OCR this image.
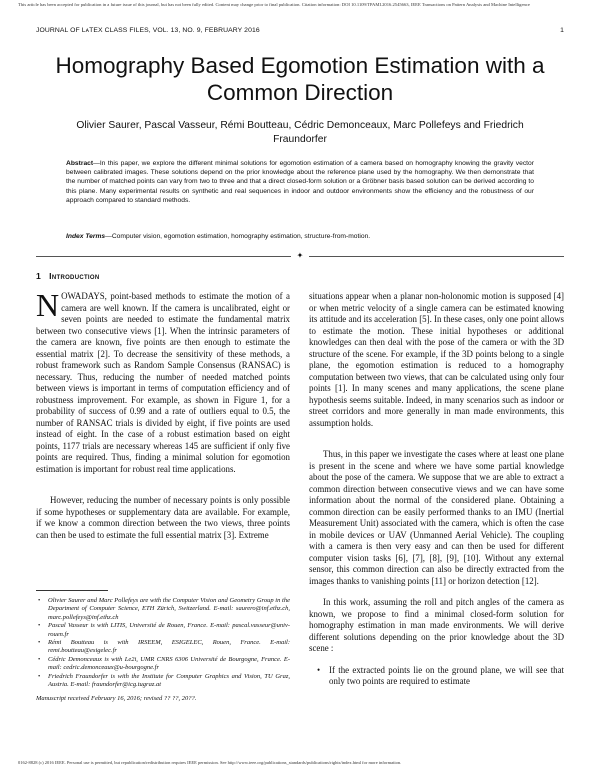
This article has been accepted for publication in a future issue of this journal, but has not been fully edited. Content may change prior to final publication. Citation information: DOI 10.1109/TPAMI.2016.2545663, IEEE Transactions on Pattern Analysis and Machine Intelligence
JOURNAL OF LᴀTEX CLASS FILES, VOL. 13, NO. 9, FEBRUARY 2016	1
Homography Based Egomotion Estimation with a Common Direction
Olivier Saurer, Pascal Vasseur, Rémi Boutteau, Cédric Demonceaux, Marc Pollefeys and Friedrich Fraundorfer
Abstract—In this paper, we explore the different minimal solutions for egomotion estimation of a camera based on homography knowing the gravity vector between calibrated images. These solutions depend on the prior knowledge about the reference plane used by the homography. We then demonstrate that the number of matched points can vary from two to three and that a direct closed-form solution or a Gröbner basis based solution can be derived according to this plane. Many experimental results on synthetic and real sequences in indoor and outdoor environments show the efficiency and the robustness of our approach compared to standard methods.
Index Terms—Computer vision, egomotion estimation, homography estimation, structure-from-motion.
✦
1 Introduction

NOWADAYS, point-based methods to estimate the motion of a camera are well known. If the camera is uncalibrated, eight or seven points are needed to estimate the fundamental matrix between two consecutive views [1]. When the intrinsic parameters of the camera are known, five points are then enough to estimate the essential matrix [2]. To decrease the sensitivity of these methods, a robust framework such as Random Sample Consensus (RANSAC) is necessary. Thus, reducing the number of needed matched points between views is important in terms of computation efficiency and of robustness improvement. For example, as shown in Figure 1, for a probability of success of 0.99 and a rate of outliers equal to 0.5, the number of RANSAC trials is divided by eight, if five points are used instead of eight. In the case of a robust estimation based on eight points, 1177 trials are necessary whereas 145 are sufficient if only five points are required. Thus, finding a minimal solution for egomotion estimation is important for robust real time applications.

However, reducing the number of necessary points is only possible if some hypotheses or supplementary data are available. For example, if we know a common direction between the two views, three points can then be used to estimate the full essential matrix [3]. Extreme

• Olivier Saurer and Marc Pollefeys are with the Computer Vision and Geometry Group in the Department of Computer Science, ETH Zürich, Switzerland. E-mail: saurero@inf.ethz.ch, marc.pollefeys@inf.ethz.ch
• Pascal Vasseur is with LITIS, Université de Rouen, France. E-mail: pascal.vasseur@univ-rouen.fr
• Rémi Boutteau is with IRSEEM, ESIGELEC, Rouen, France. E-mail: remi.boutteau@esigelec.fr
• Cédric Demonceaux is with Le2i, UMR CNRS 6306 Université de Bourgogne, France. E-mail: cedric.demonceaux@u-bourgogne.fr
• Friedrich Fraundorfer is with the Institute for Computer Graphics and Vision, TU Graz, Austria. E-mail: fraundorfer@icg.tugraz.at
Manuscript received February 16, 2016; revised ?? ??, 20??.

situations appear when a planar non-holonomic motion is supposed [4] or when metric velocity of a single camera can be estimated knowing its attitude and its acceleration [5]. In these cases, only one point allows to estimate the motion. These initial hypotheses or additional knowledges can then deal with the pose of the camera or with the 3D structure of the scene. For example, if the 3D points belong to a single plane, the egomotion estimation is reduced to a homography computation between two views, that can be calculated using only four points [1]. In many scenes and many applications, the scene plane hypothesis seems suitable. Indeed, in many scenarios such as indoor or street corridors and more generally in man made environments, this assumption holds.

Thus, in this paper we investigate the cases where at least one plane is present in the scene and where we have some partial knowledge about the pose of the camera. We suppose that we are able to extract a common direction between consecutive views and we can have some information about the normal of the considered plane. Obtaining a common direction can be easily performed thanks to an IMU (Inertial Measurement Unit) associated with the camera, which is often the case in mobile devices or UAV (Unmanned Aerial Vehicle). The coupling with a camera is then very easy and can then be used for different computer vision tasks [6], [7], [8], [9], [10]. Without any external sensor, this common direction can also be directly extracted from the images thanks to vanishing points [11] or horizon detection [12].

In this work, assuming the roll and pitch angles of the camera as known, we propose to find a minimal closed-form solution for homography estimation in man made environments. We will derive different solutions depending on the prior knowledge about the 3D scene :

• If the extracted points lie on the ground plane, we will see that only two points are required to estimate

0162-8828 (c) 2016 IEEE. Personal use is permitted, but republication/redistribution requires IEEE permission. See http://www.ieee.org/publications_standards/publications/rights/index.html for more information.
